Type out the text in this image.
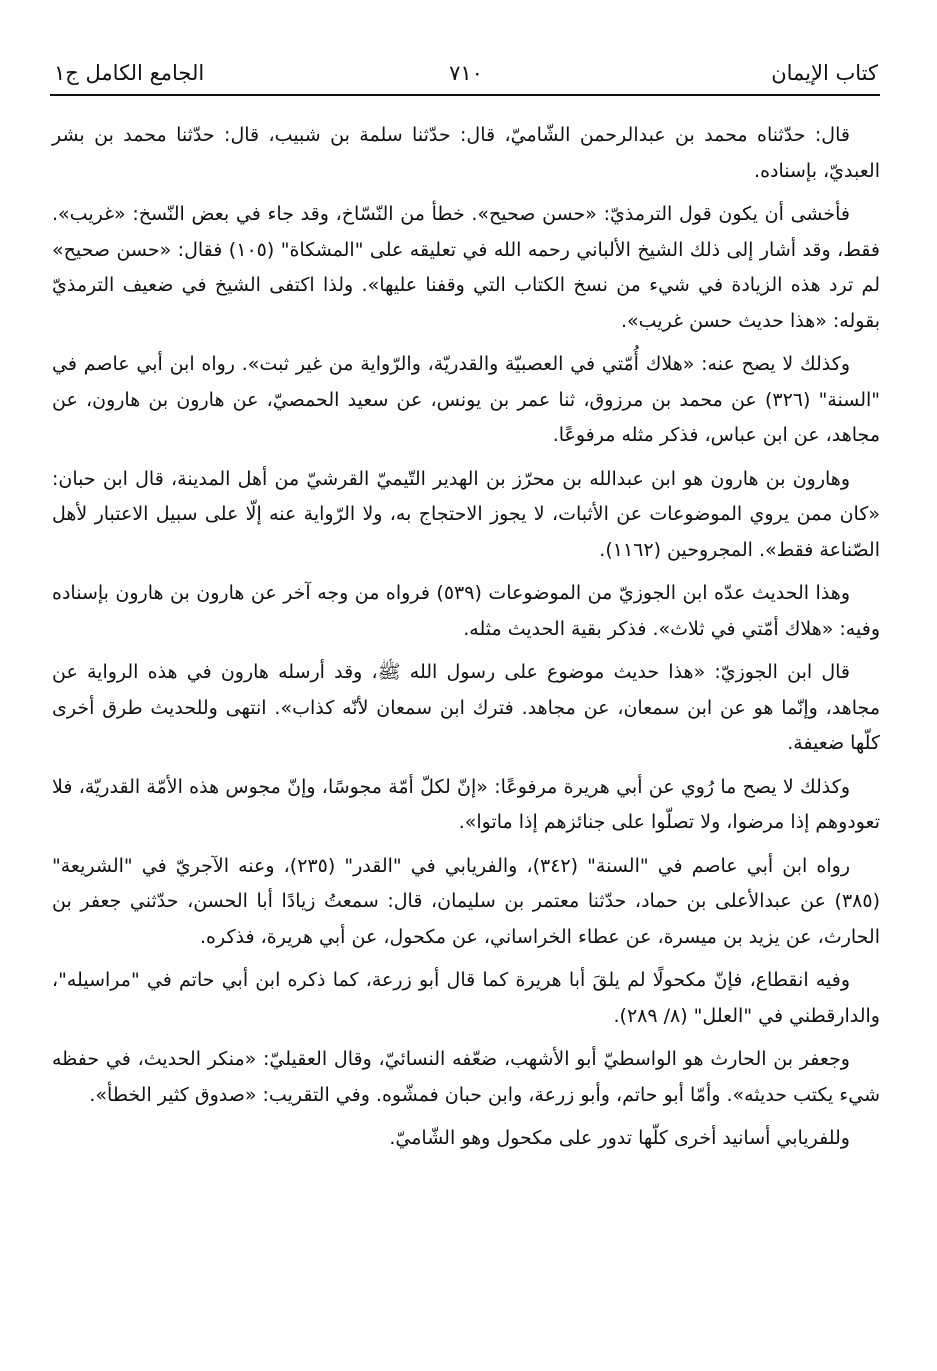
كتاب الإيمان
٧١٠
الجامع الكامل ج١

قال: حدّثناه محمد بن عبدالرحمن الشّاميّ، قال: حدّثنا سلمة بن شبيب، قال: حدّثنا محمد بن بشر العبديّ، بإسناده.

فأخشى أن يكون قول الترمذيّ: «حسن صحيح». خطأ من النّسّاخ، وقد جاء في بعض النّسخ: «غريب». فقط، وقد أشار إلى ذلك الشيخ الألباني رحمه الله في تعليقه على "المشكاة" (١٠٥) فقال: «حسن صحيح» لم ترد هذه الزيادة في شيء من نسخ الكتاب التي وقفنا عليها». ولذا اكتفى الشيخ في ضعيف الترمذيّ بقوله: «هذا حديث حسن غريب».

وكذلك لا يصح عنه: «هلاك أُمّتي في العصبيّة والقدريّة، والرّواية من غير ثبت». رواه ابن أبي عاصم في "السنة" (٣٢٦) عن محمد بن مرزوق، ثنا عمر بن يونس، عن سعيد الحمصيّ، عن هارون بن هارون، عن مجاهد، عن ابن عباس، فذكر مثله مرفوعًا.

وهارون بن هارون هو ابن عبدالله بن محرّز بن الهدير التّيميّ القرشيّ من أهل المدينة، قال ابن حبان: «كان ممن يروي الموضوعات عن الأثبات، لا يجوز الاحتجاج به، ولا الرّواية عنه إلّا على سبيل الاعتبار لأهل الصّناعة فقط». المجروحين (١١٦٢).

وهذا الحديث عدّه ابن الجوزيّ من الموضوعات (٥٣٩) فرواه من وجه آخر عن هارون بن هارون بإسناده وفيه: «هلاك أمّتي في ثلاث». فذكر بقية الحديث مثله.

قال ابن الجوزيّ: «هذا حديث موضوع على رسول الله ﷺ، وقد أرسله هارون في هذه الرواية عن مجاهد، وإنّما هو عن ابن سمعان، عن مجاهد. فترك ابن سمعان لأنّه كذاب». انتهى وللحديث طرق أخرى كلّها ضعيفة.

وكذلك لا يصح ما رُوي عن أبي هريرة مرفوعًا: «إنّ لكلّ أمّة مجوسًا، وإنّ مجوس هذه الأمّة القدريّة، فلا تعودوهم إذا مرضوا، ولا تصلّوا على جنائزهم إذا ماتوا».

رواه ابن أبي عاصم في "السنة" (٣٤٢)، والفريابي في "القدر" (٢٣٥)، وعنه الآجريّ في "الشريعة" (٣٨٥) عن عبدالأعلى بن حماد، حدّثنا معتمر بن سليمان، قال: سمعتُ زيادًا أبا الحسن، حدّثني جعفر بن الحارث، عن يزيد بن ميسرة، عن عطاء الخراساني، عن مكحول، عن أبي هريرة، فذكره.

وفيه انقطاع، فإنّ مكحولًا لم يلقَ أبا هريرة كما قال أبو زرعة، كما ذكره ابن أبي حاتم في "مراسيله"، والدارقطني في "العلل" (٨/ ٢٨٩).

وجعفر بن الحارث هو الواسطيّ أبو الأشهب، ضعّفه النسائيّ، وقال العقيليّ: «منكر الحديث، في حفظه شيء يكتب حديثه». وأمّا أبو حاتم، وأبو زرعة، وابن حبان فمشّوه. وفي التقريب: «صدوق كثير الخطأ».

وللفريابي أسانيد أخرى كلّها تدور على مكحول وهو الشّاميّ.
